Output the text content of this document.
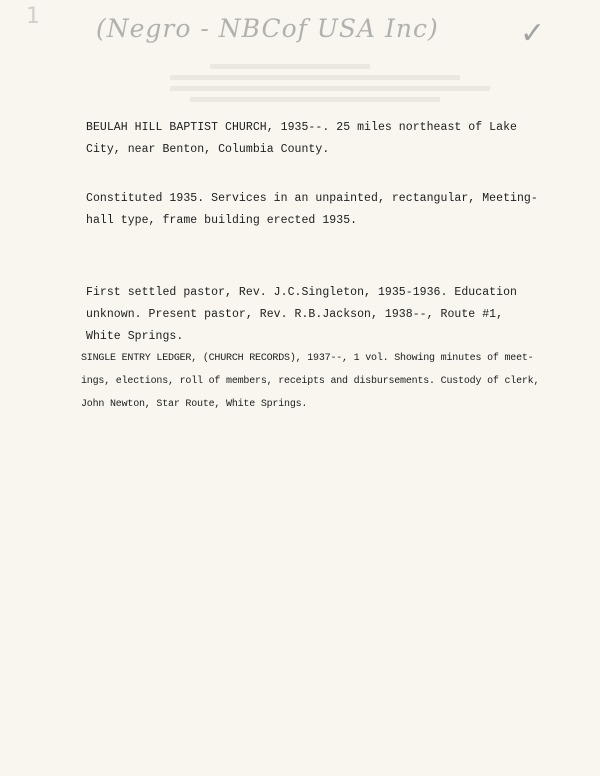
1 (Negro - NBCof USA Inc)	✓
BEULAH HILL BAPTIST CHURCH, 1935--. 25 miles northeast of Lake
City, near Benton, Columbia County.
Constituted 1935. Services in an unpainted, rectangular, Meeting-
hall type, frame building erected 1935.
First settled pastor, Rev. J.C.Singleton, 1935-1936. Education
unknown. Present pastor, Rev. R.B.Jackson, 1938--, Route #1,
White Springs.
SINGLE ENTRY LEDGER, (CHURCH RECORDS), 1937--, 1 vol. Showing minutes of meet-
ings, elections, roll of members, receipts and disbursements. Custody of clerk,
John Newton, Star Route, White Springs.
